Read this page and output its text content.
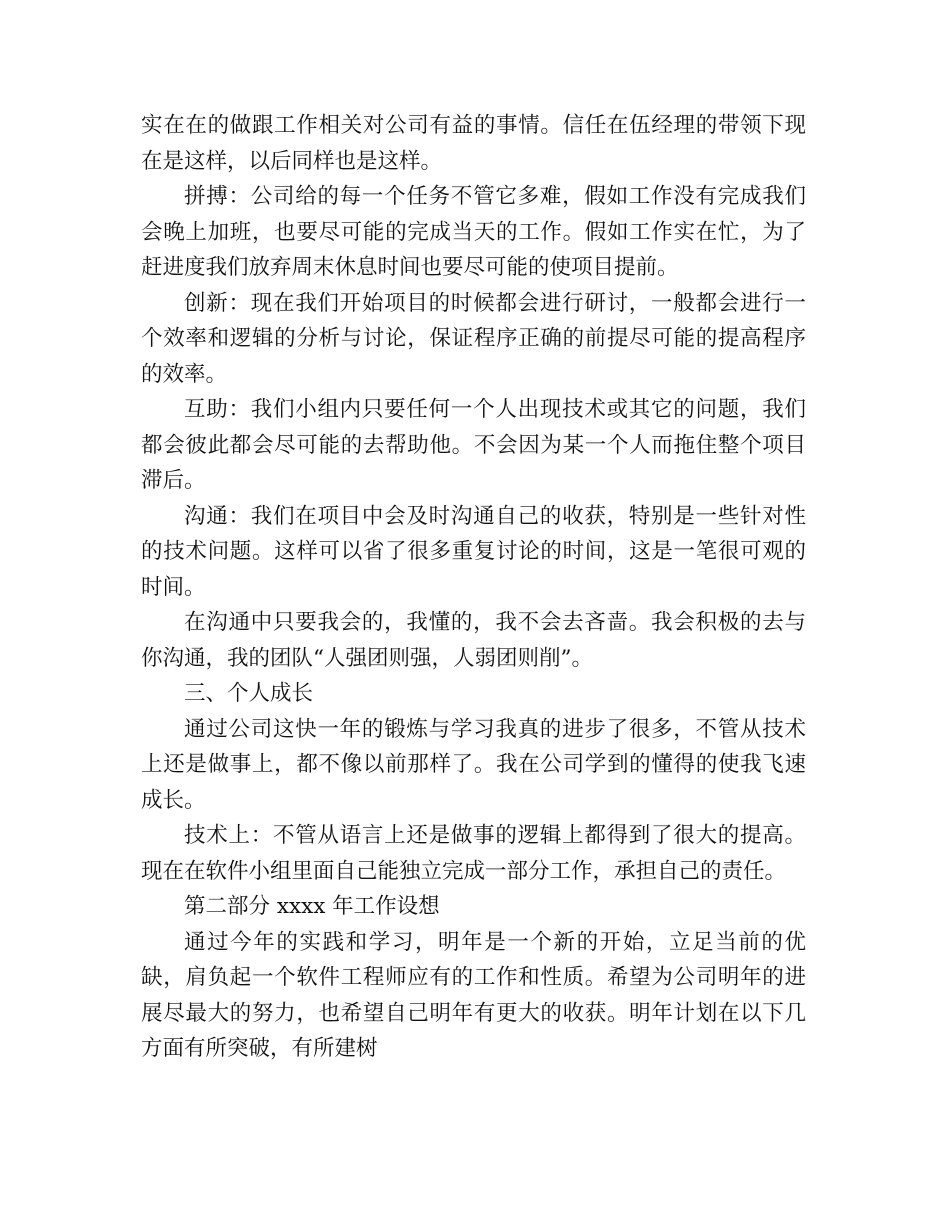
实在在的做跟工作相关对公司有益的事情。信任在伍经理的带领下现在是这样，以后同样也是这样。

拼搏：公司给的每一个任务不管它多难，假如工作没有完成我们会晚上加班，也要尽可能的完成当天的工作。假如工作实在忙，为了赶进度我们放弃周末休息时间也要尽可能的使项目提前。

创新：现在我们开始项目的时候都会进行研讨，一般都会进行一个效率和逻辑的分析与讨论，保证程序正确的前提尽可能的提高程序的效率。

互助：我们小组内只要任何一个人出现技术或其它的问题，我们都会彼此都会尽可能的去帮助他。不会因为某一个人而拖住整个项目滞后。

沟通：我们在项目中会及时沟通自己的收获，特别是一些针对性的技术问题。这样可以省了很多重复讨论的时间，这是一笔很可观的时间。

在沟通中只要我会的，我懂的，我不会去吝啬。我会积极的去与你沟通，我的团队“人强团则强，人弱团则削”。

三、个人成长

通过公司这快一年的锻炼与学习我真的进步了很多，不管从技术上还是做事上，都不像以前那样了。我在公司学到的懂得的使我飞速成长。

技术上：不管从语言上还是做事的逻辑上都得到了很大的提高。现在在软件小组里面自己能独立完成一部分工作，承担自己的责任。

第二部分 xxxx 年工作设想

通过今年的实践和学习，明年是一个新的开始，立足当前的优缺，肩负起一个软件工程师应有的工作和性质。希望为公司明年的进展尽最大的努力，也希望自己明年有更大的收获。明年计划在以下几方面有所突破，有所建树
